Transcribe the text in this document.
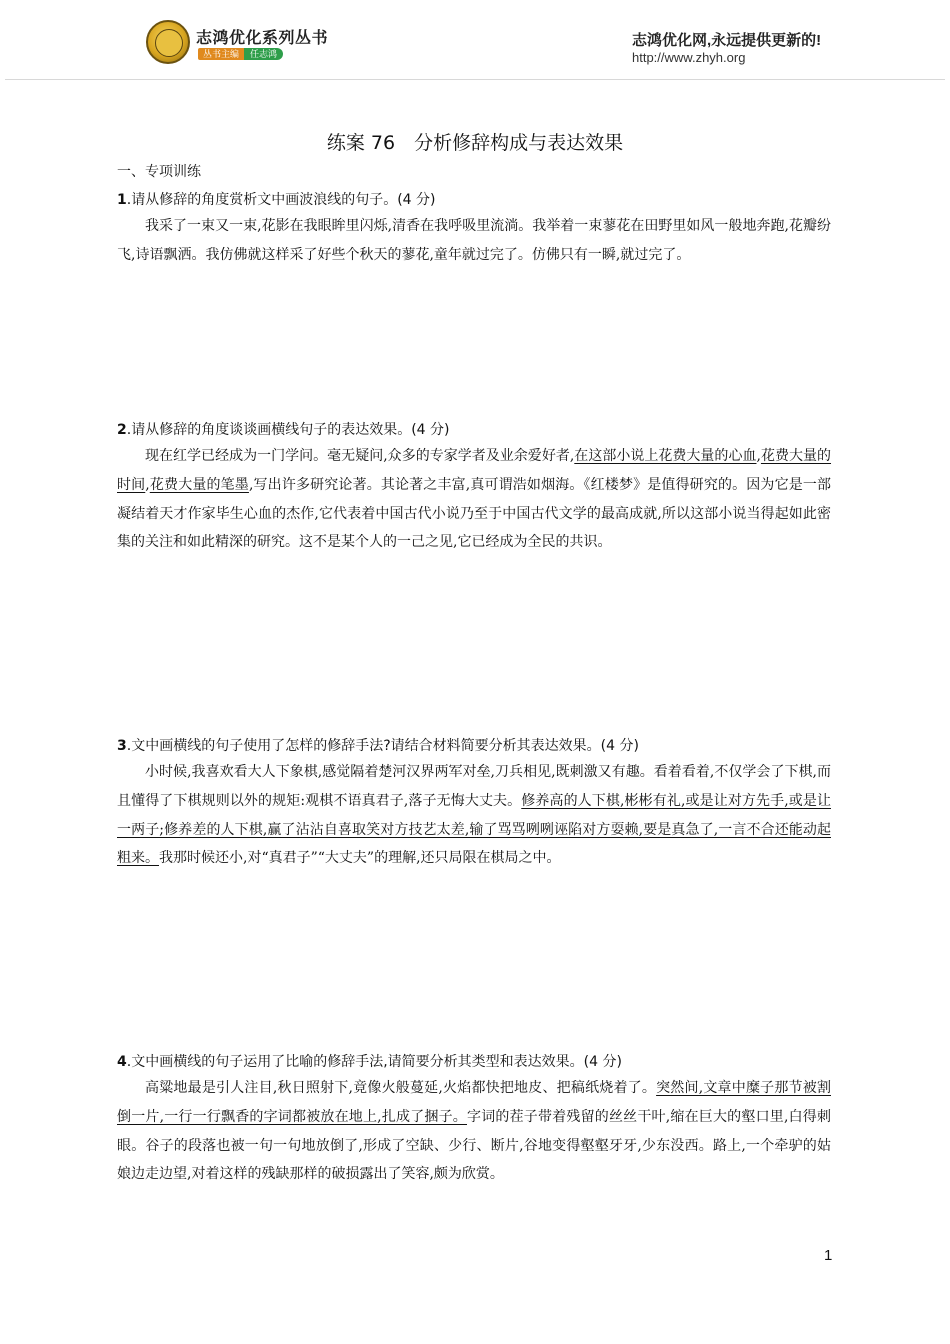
志鸿优化系列丛书
丛书主编	任志鸿
志鸿优化网,永远提供更新的!
http://www.zhyh.org
练案 76　分析修辞构成与表达效果
一、专项训练
1.请从修辞的角度赏析文中画波浪线的句子。(4 分)
我采了一束又一束,花影在我眼眸里闪烁,清香在我呼吸里流淌。我举着一束蓼花在田野里如风一般地奔跑,花瓣纷飞,诗语飘洒。我仿佛就这样采了好些个秋天的蓼花,童年就过完了。仿佛只有一瞬,就过完了。
2.请从修辞的角度谈谈画横线句子的表达效果。(4 分)
现在红学已经成为一门学问。毫无疑问,众多的专家学者及业余爱好者,在这部小说上花费大量的心血,花费大量的时间,花费大量的笔墨,写出许多研究论著。其论著之丰富,真可谓浩如烟海。《红楼梦》是值得研究的。因为它是一部凝结着天才作家毕生心血的杰作,它代表着中国古代小说乃至于中国古代文学的最高成就,所以这部小说当得起如此密集的关注和如此精深的研究。这不是某个人的一己之见,它已经成为全民的共识。
3.文中画横线的句子使用了怎样的修辞手法?请结合材料简要分析其表达效果。(4 分)
小时候,我喜欢看大人下象棋,感觉隔着楚河汉界两军对垒,刀兵相见,既刺激又有趣。看着看着,不仅学会了下棋,而且懂得了下棋规则以外的规矩:观棋不语真君子,落子无悔大丈夫。修养高的人下棋,彬彬有礼,或是让对方先手,或是让一两子;修养差的人下棋,赢了沾沾自喜取笑对方技艺太差,输了骂骂咧咧诬陷对方耍赖,要是真急了,一言不合还能动起粗来。我那时候还小,对“真君子”“大丈夫”的理解,还只局限在棋局之中。
4.文中画横线的句子运用了比喻的修辞手法,请简要分析其类型和表达效果。(4 分)
高粱地最是引人注目,秋日照射下,竟像火般蔓延,火焰都快把地皮、把稿纸烧着了。突然间,文章中糜子那节被割倒一片,一行一行飘香的字词都被放在地上,扎成了捆子。字词的茬子带着残留的丝丝干叶,缩在巨大的壑口里,白得刺眼。谷子的段落也被一句一句地放倒了,形成了空缺、少行、断片,谷地变得壑壑牙牙,少东没西。路上,一个牵驴的姑娘边走边望,对着这样的残缺那样的破损露出了笑容,颇为欣赏。
1
